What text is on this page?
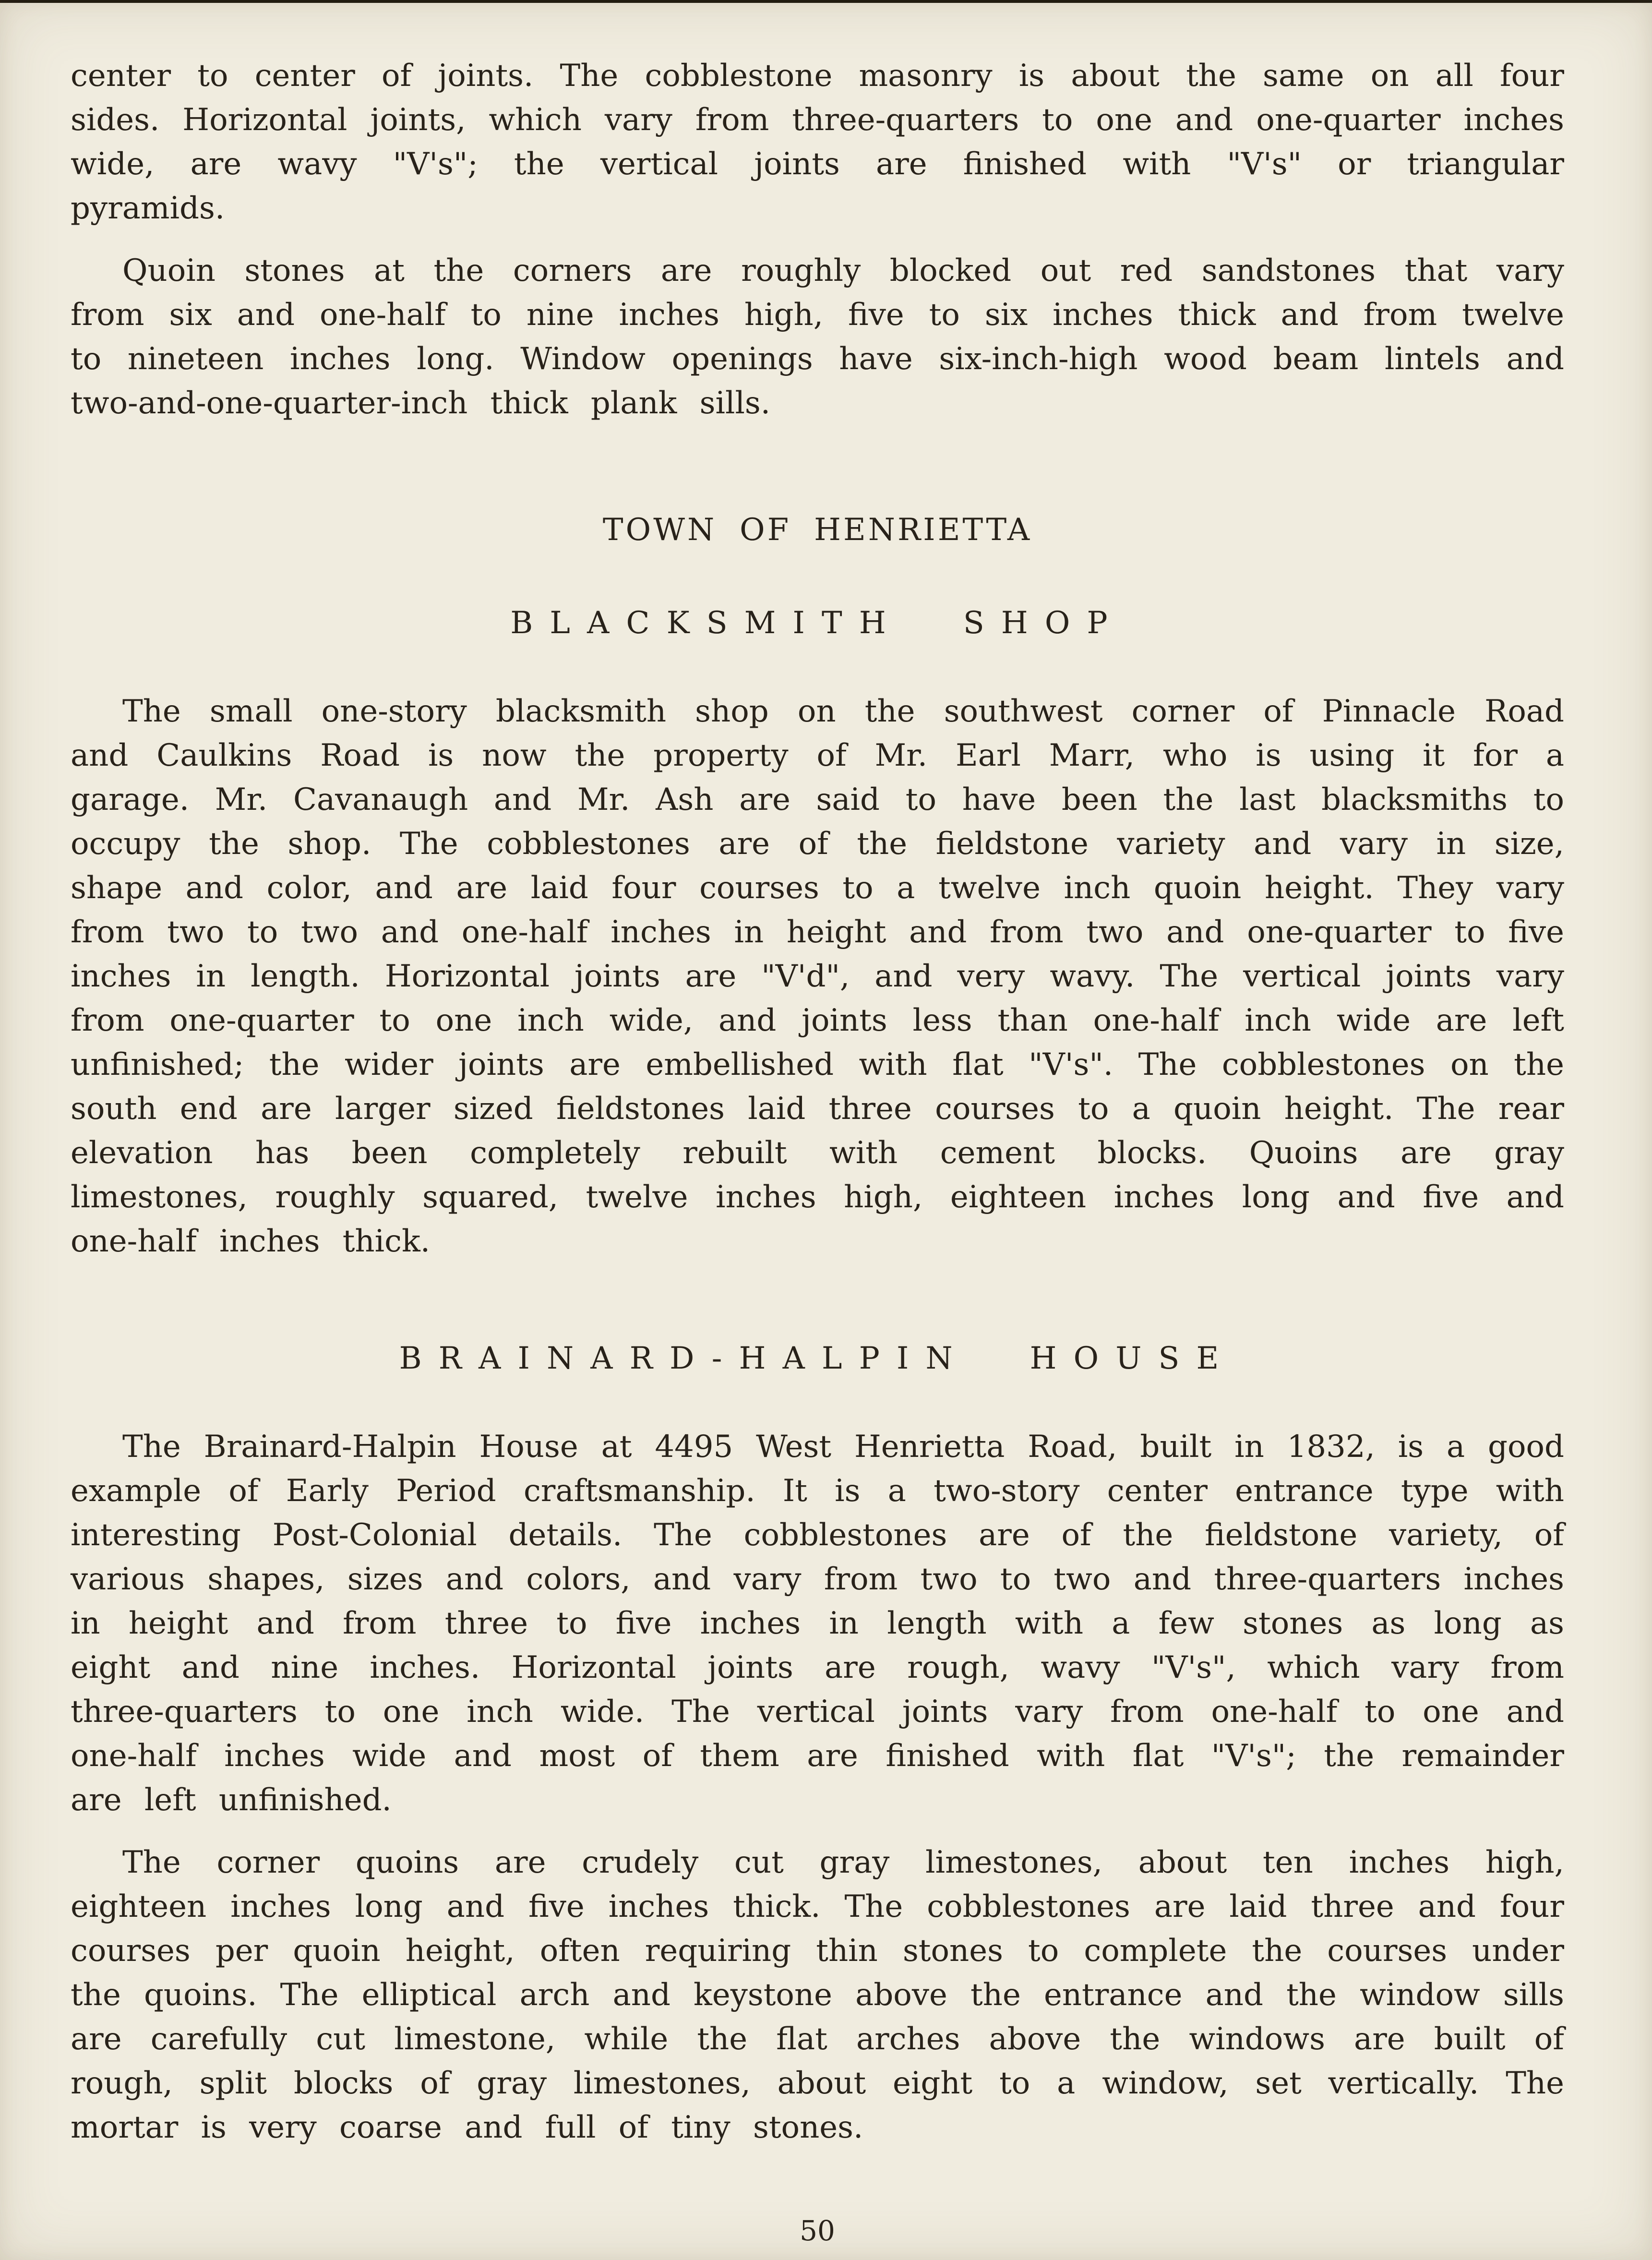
center to center of joints. The cobblestone masonry is about the same on all four sides. Horizontal joints, which vary from three-quarters to one and one-quarter inches wide, are wavy "V's"; the vertical joints are finished with "V's" or triangular pyramids.

Quoin stones at the corners are roughly blocked out red sandstones that vary from six and one-half to nine inches high, five to six inches thick and from twelve to nineteen inches long. Window openings have six-inch-high wood beam lintels and two-and-one-quarter-inch thick plank sills.

TOWN OF HENRIETTA
BLACKSMITH SHOP

The small one-story blacksmith shop on the southwest corner of Pinnacle Road and Caulkins Road is now the property of Mr. Earl Marr, who is using it for a garage. Mr. Cavanaugh and Mr. Ash are said to have been the last blacksmiths to occupy the shop. The cobblestones are of the fieldstone variety and vary in size, shape and color, and are laid four courses to a twelve inch quoin height. They vary from two to two and one-half inches in height and from two and one-quarter to five inches in length. Horizontal joints are "V'd", and very wavy. The vertical joints vary from one-quarter to one inch wide, and joints less than one-half inch wide are left unfinished; the wider joints are embellished with flat "V's". The cobblestones on the south end are larger sized fieldstones laid three courses to a quoin height. The rear elevation has been completely rebuilt with cement blocks. Quoins are gray limestones, roughly squared, twelve inches high, eighteen inches long and five and one-half inches thick.

BRAINARD-HALPIN HOUSE

The Brainard-Halpin House at 4495 West Henrietta Road, built in 1832, is a good example of Early Period craftsmanship. It is a two-story center entrance type with interesting Post-Colonial details. The cobblestones are of the fieldstone variety, of various shapes, sizes and colors, and vary from two to two and three-quarters inches in height and from three to five inches in length with a few stones as long as eight and nine inches. Horizontal joints are rough, wavy "V's", which vary from three-quarters to one inch wide. The vertical joints vary from one-half to one and one-half inches wide and most of them are finished with flat "V's"; the remainder are left unfinished.

The corner quoins are crudely cut gray limestones, about ten inches high, eighteen inches long and five inches thick. The cobblestones are laid three and four courses per quoin height, often requiring thin stones to complete the courses under the quoins. The elliptical arch and keystone above the entrance and the window sills are carefully cut limestone, while the flat arches above the windows are built of rough, split blocks of gray limestones, about eight to a window, set vertically. The mortar is very coarse and full of tiny stones.

50
